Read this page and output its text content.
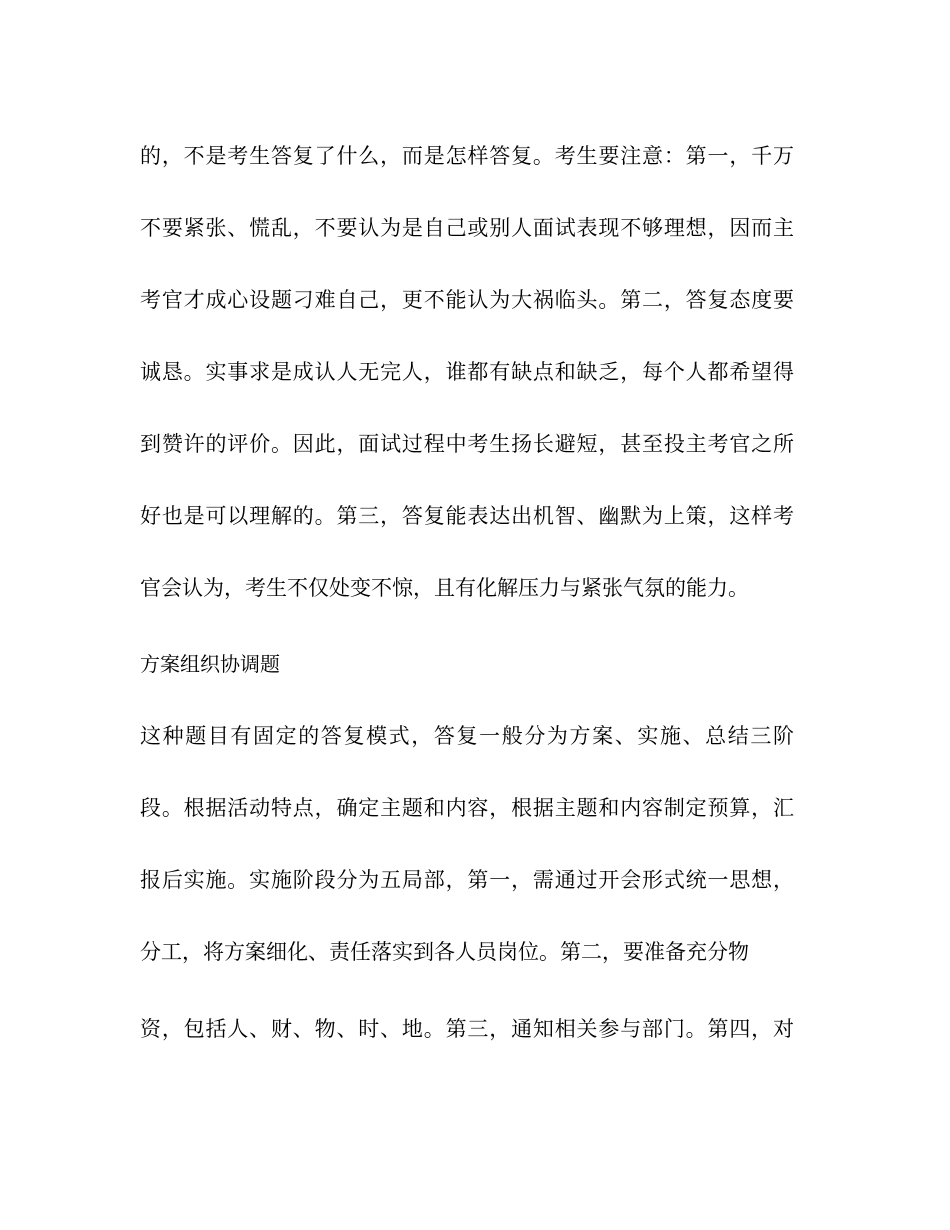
的，不是考生答复了什么，而是怎样答复。考生要注意：第一，千万

不要紧张、慌乱，不要认为是自己或别人面试表现不够理想，因而主

考官才成心设题刁难自己，更不能认为大祸临头。第二，答复态度要

诚恳。实事求是成认人无完人，谁都有缺点和缺乏，每个人都希望得

到赞许的评价。因此，面试过程中考生扬长避短，甚至投主考官之所

好也是可以理解的。第三，答复能表达出机智、幽默为上策，这样考

官会认为，考生不仅处变不惊，且有化解压力与紧张气氛的能力。

方案组织协调题

这种题目有固定的答复模式，答复一般分为方案、实施、总结三阶

段。根据活动特点，确定主题和内容，根据主题和内容制定预算，汇

报后实施。实施阶段分为五局部，第一，需通过开会形式统一思想，

分工，将方案细化、责任落实到各人员岗位。第二，要准备充分物

资，包括人、财、物、时、地。第三，通知相关参与部门。第四，对
